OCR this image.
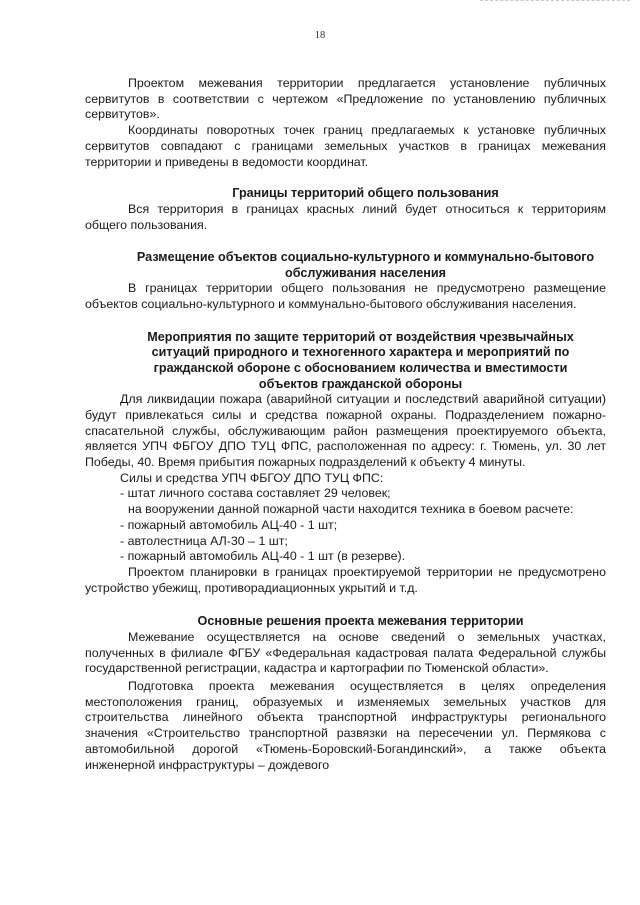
18

Проектом межевания территории предлагается установление публичных сервитутов в соответствии с чертежом «Предложение по установлению публичных сервитутов».

Координаты поворотных точек границ предлагаемых к установке публичных сервитутов совпадают с границами земельных участков в границах межевания территории и приведены в ведомости координат.

Границы территорий общего пользования

Вся территория в границах красных линий будет относиться к территориям общего пользования.

Размещение объектов социально-культурного и коммунально-бытового обслуживания населения

В границах территории общего пользования не предусмотрено размещение объектов социально-культурного и коммунально-бытового обслуживания населения.

Мероприятия по защите территорий от воздействия чрезвычайных ситуаций природного и техногенного характера и мероприятий по гражданской обороне с обоснованием количества и вместимости объектов гражданской обороны

Для ликвидации пожара (аварийной ситуации и последствий аварийной ситуации) будут привлекаться силы и средства пожарной охраны. Подразделением пожарно-спасательной службы, обслуживающим район размещения проектируемого объекта, является УПЧ ФБГОУ ДПО ТУЦ ФПС, расположенная по адресу: г. Тюмень, ул. 30 лет Победы, 40. Время прибытия пожарных подразделений к объекту 4 минуты.

Силы и средства УПЧ ФБГОУ ДПО ТУЦ ФПС:

- штат личного состава составляет 29 человек;

на вооружении данной пожарной части находится техника в боевом расчете:

- пожарный автомобиль АЦ-40 - 1 шт;

- автолестница АЛ-30 – 1 шт;

- пожарный автомобиль АЦ-40 - 1 шт (в резерве).

Проектом планировки в границах проектируемой территории не предусмотрено устройство убежищ, противорадиационных укрытий и т.д.

Основные решения проекта межевания территории

Межевание осуществляется на основе сведений о земельных участках, полученных в филиале ФГБУ «Федеральная кадастровая палата Федеральной службы государственной регистрации, кадастра и картографии по Тюменской области».

Подготовка проекта межевания осуществляется в целях определения местоположения границ, образуемых и изменяемых земельных участков для строительства линейного объекта транспортной инфраструктуры регионального значения «Строительство транспортной развязки на пересечении ул. Пермякова с автомобильной дорогой «Тюмень-Боровский-Богандинский», а также объекта инженерной инфраструктуры – дождевого
